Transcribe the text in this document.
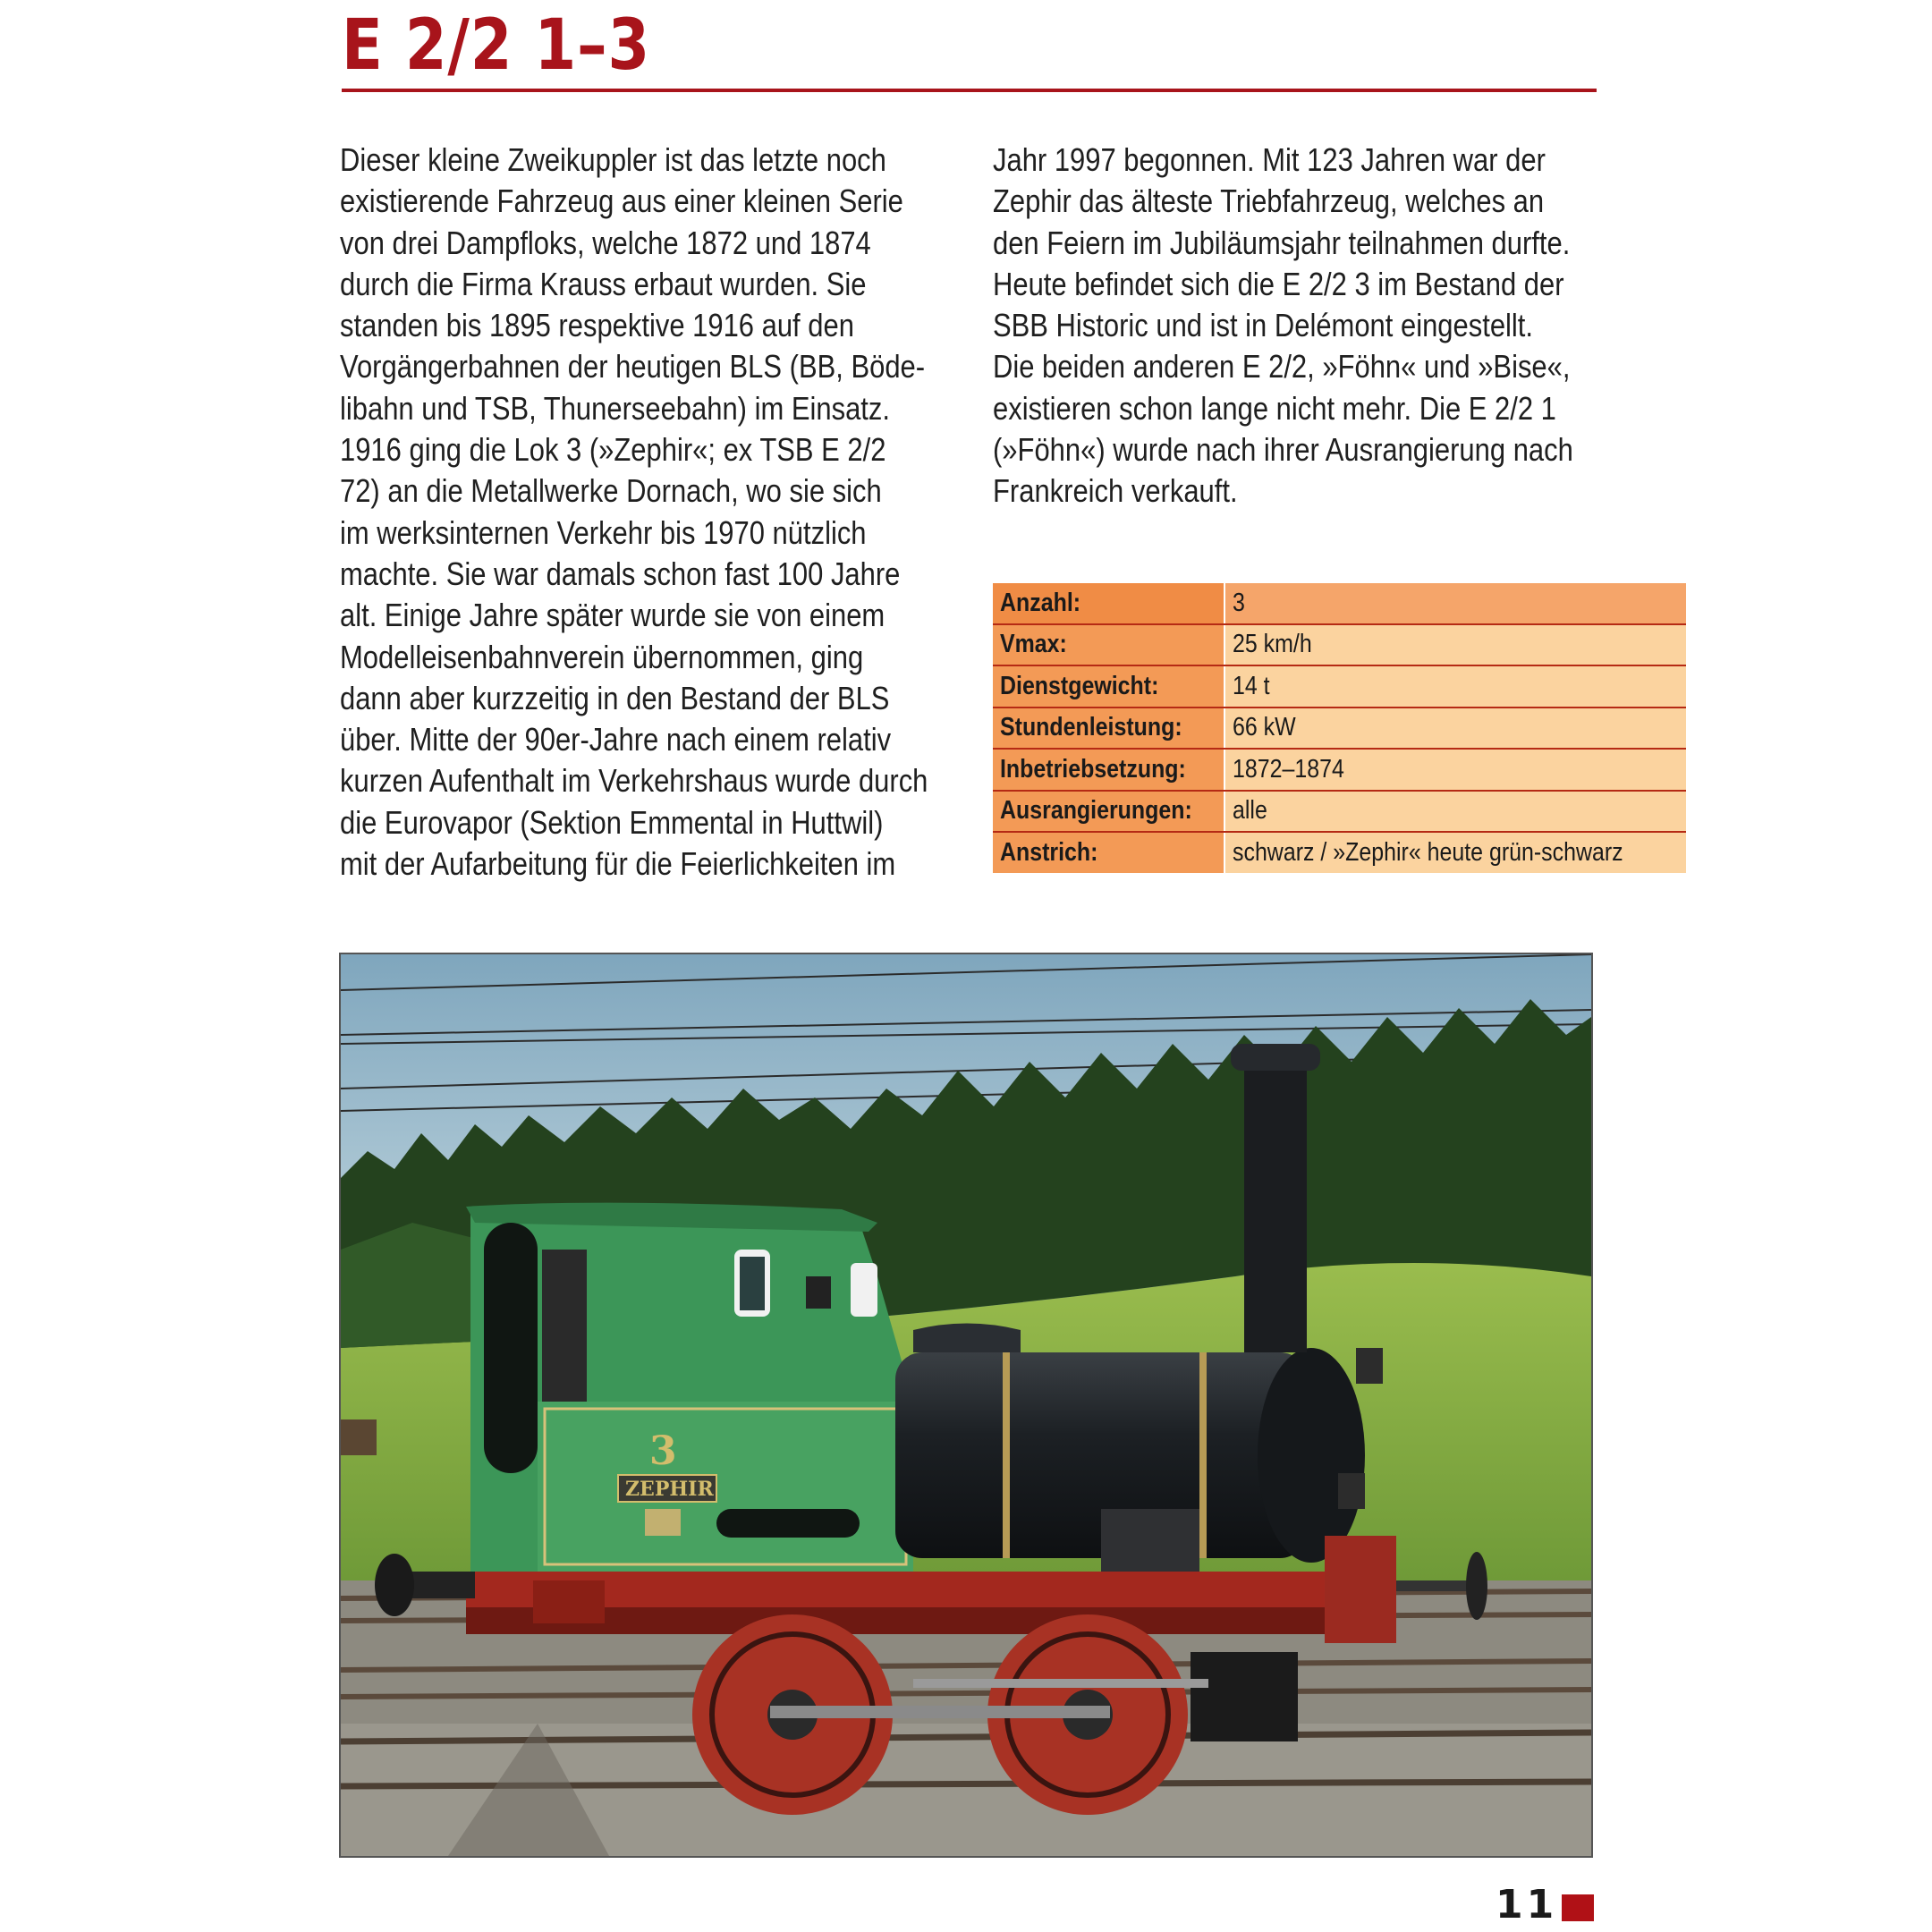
E 2/2 1–3
Dieser kleine Zweikuppler ist das letzte noch
existierende Fahrzeug aus einer kleinen Serie
von drei Dampfloks, welche 1872 und 1874
durch die Firma Krauss erbaut wurden. Sie
standen bis 1895 respektive 1916 auf den
Vorgängerbahnen der heutigen BLS (BB, Böde-
libahn und TSB, Thunerseebahn) im Einsatz.
1916 ging die Lok 3 (»Zephir«; ex TSB E 2/2
72) an die Metallwerke Dornach, wo sie sich
im werksinternen Verkehr bis 1970 nützlich
machte. Sie war damals schon fast 100 Jahre
alt. Einige Jahre später wurde sie von einem
Modelleisenbahnverein übernommen, ging
dann aber kurzzeitig in den Bestand der BLS
über. Mitte der 90er-Jahre nach einem relativ
kurzen Aufenthalt im Verkehrshaus wurde durch
die Eurovapor (Sektion Emmental in Huttwil)
mit der Aufarbeitung für die Feierlichkeiten im
Jahr 1997 begonnen. Mit 123 Jahren war der
Zephir das älteste Triebfahrzeug, welches an
den Feiern im Jubiläumsjahr teilnahmen durfte.
Heute befindet sich die E 2/2 3 im Bestand der
SBB Historic und ist in Delémont eingestellt.
Die beiden anderen E 2/2, »Föhn« und »Bise«,
existieren schon lange nicht mehr. Die E 2/2 1
(»Föhn«) wurde nach ihrer Ausrangierung nach
Frankreich verkauft.
Anzahl:	3
Vmax:	25 km/h
Dienstgewicht:	14 t
Stundenleistung:	66 kW
Inbetriebsetzung:	1872–1874
Ausrangierungen:	alle
Anstrich:	schwarz / »Zephir« heute grün-schwarz
3
ZEPHIR
11
